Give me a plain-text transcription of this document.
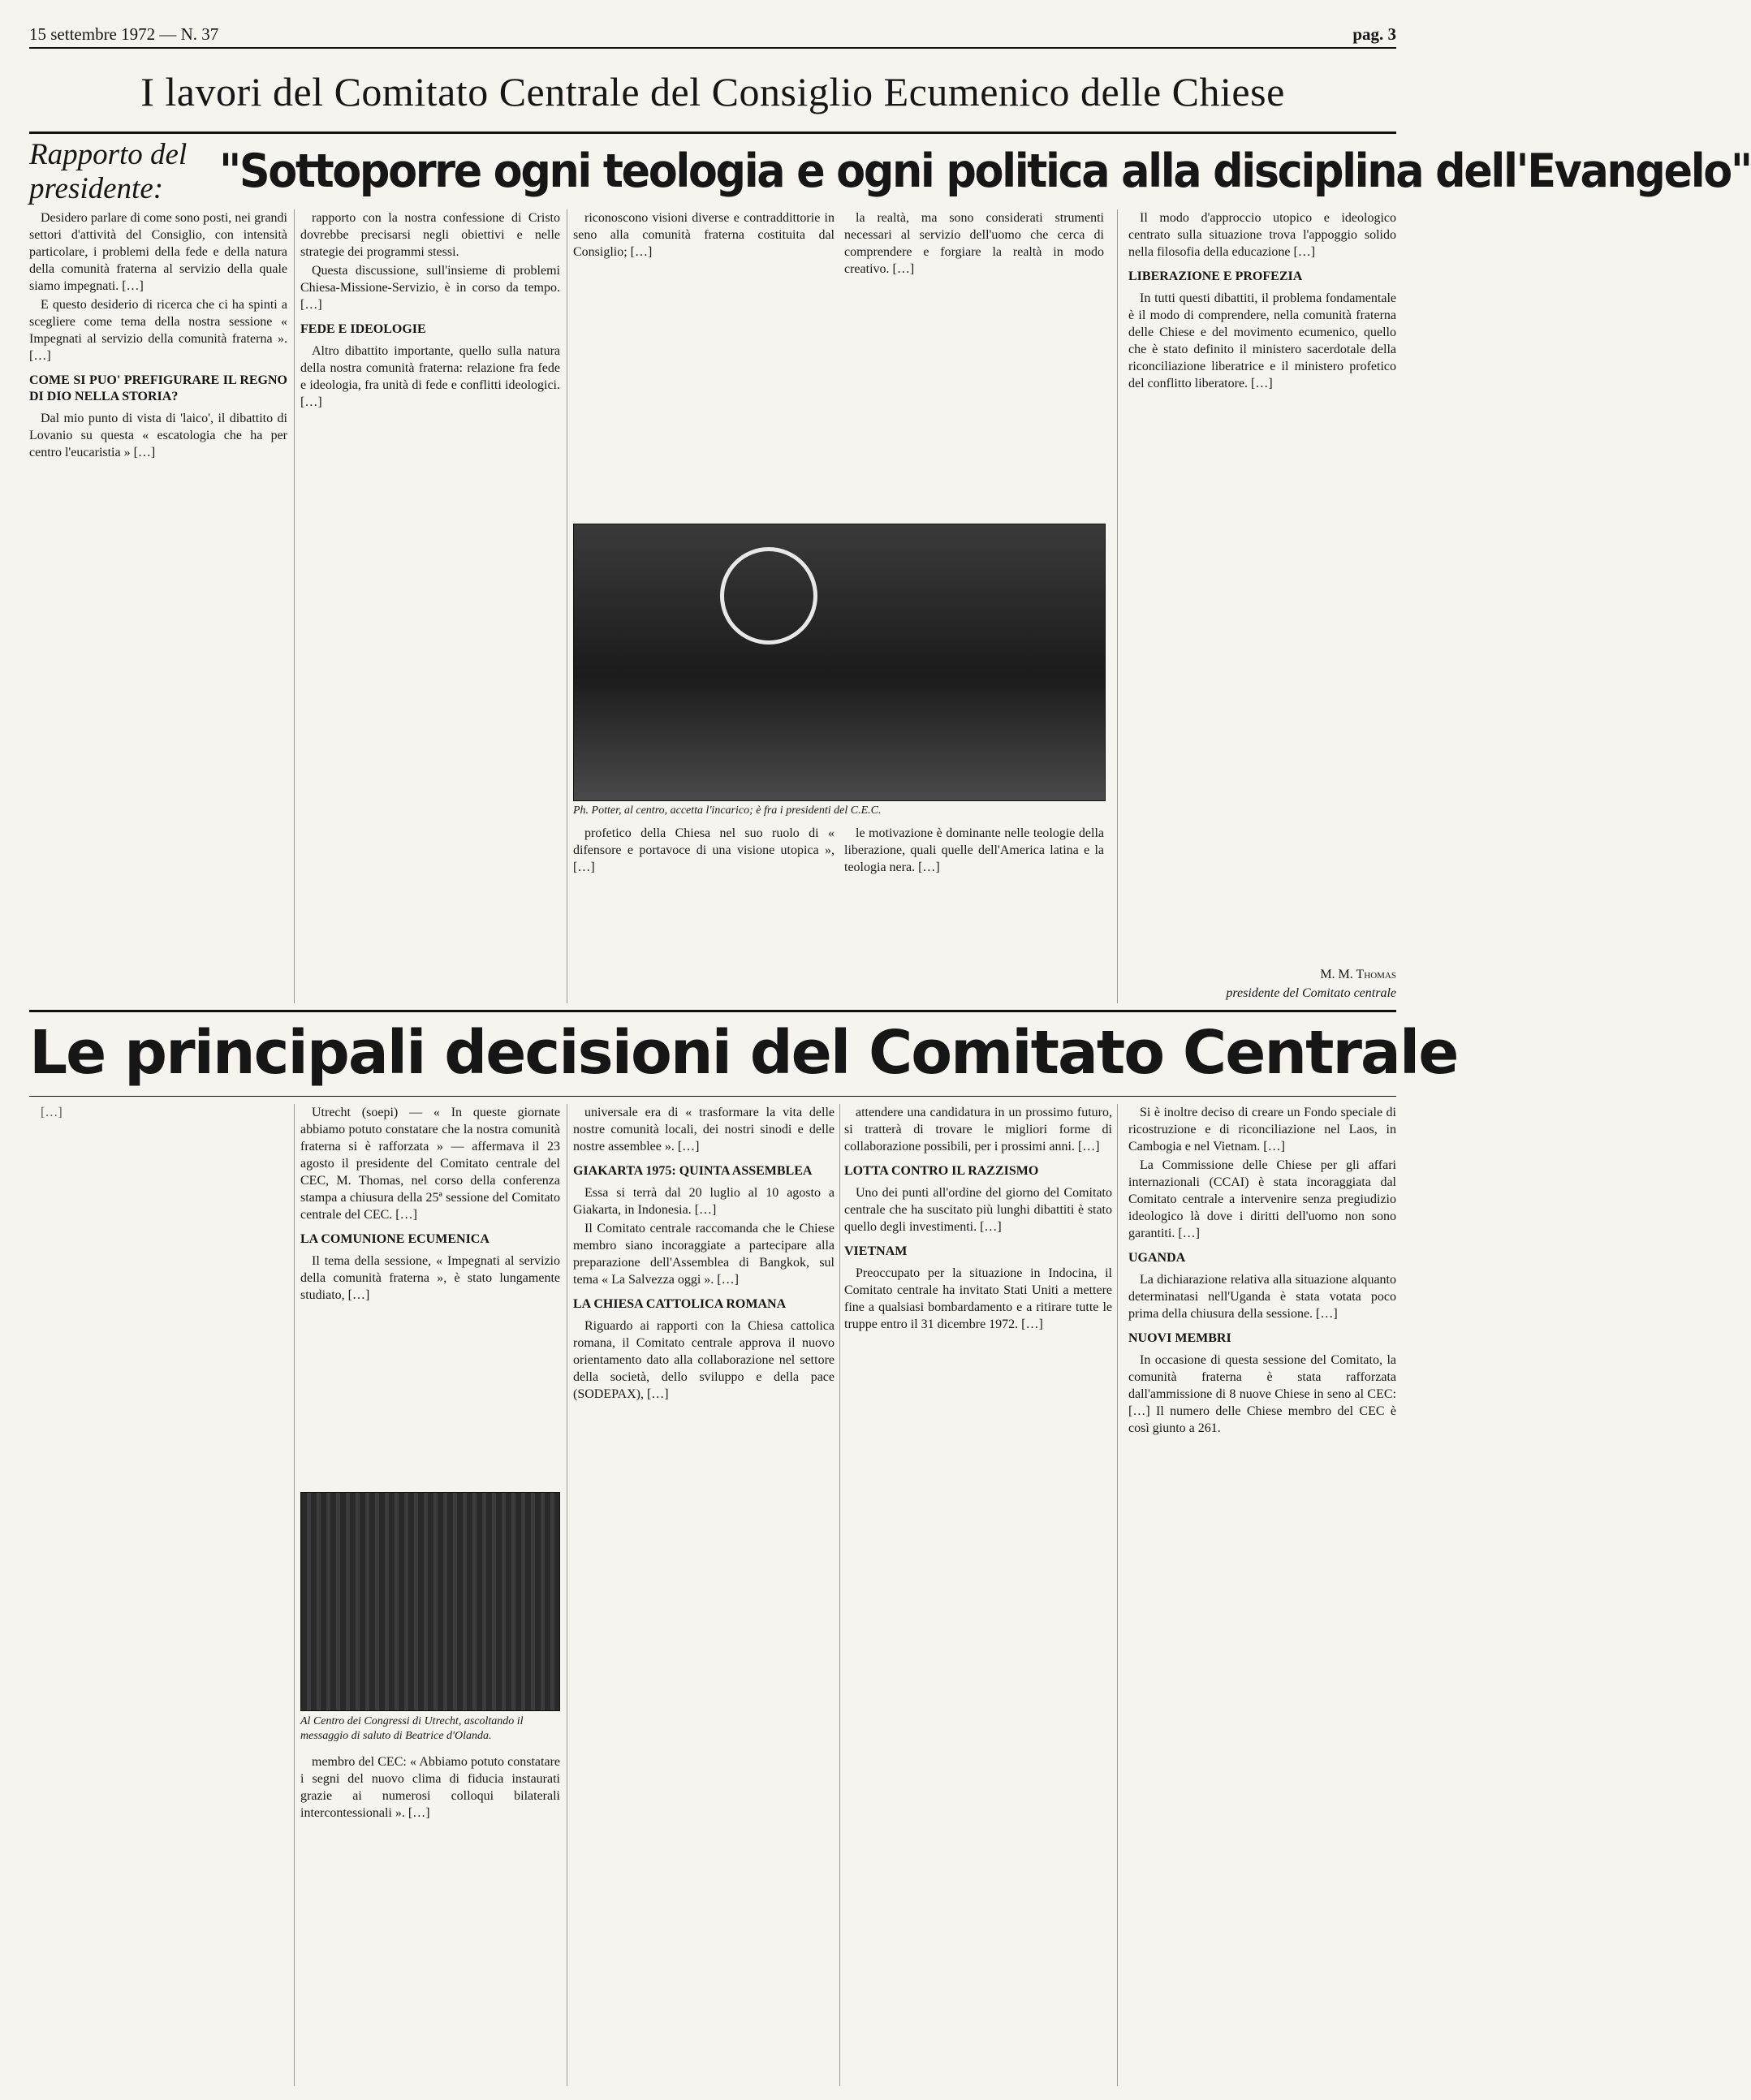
15 settembre 1972 — N. 37	pag. 3
I lavori del Comitato Centrale del Consiglio Ecumenico delle Chiese
Rapporto del presidente:	"Sottoporre ogni teologia e ogni politica alla disciplina dell'Evangelo"

Desidero parlare di come sono posti, nei grandi settori d'attività del Consiglio, con intensità particolare, i problemi della fede e della natura della comunità fraterna al servizio della quale siamo impegnati. […]

E questo desiderio di ricerca che ci ha spinti a scegliere come tema della nostra sessione « Impegnati al servizio della comunità fraterna ». […]

COME SI PUO' PREFIGURARE IL REGNO DI DIO NELLA STORIA?

Dal mio punto di vista di 'laico', il dibattito di Lovanio su questa « escatologia che ha per centro l'eucaristia » […]

rapporto con la nostra confessione di Cristo dovrebbe precisarsi negli obiettivi e nelle strategie dei programmi stessi.

Questa discussione, sull'insieme di problemi Chiesa-Missione-Servizio, è in corso da tempo. […]

FEDE E IDEOLOGIE

Altro dibattito importante, quello sulla natura della nostra comunità fraterna: relazione fra fede e ideologia, fra unità di fede e conflitti ideologici. […]

riconoscono visioni diverse e contraddittorie in seno alla comunità fraterna costituita dal Consiglio; […]

la realtà, ma sono considerati strumenti necessari al servizio dell'uomo che cerca di comprendere e forgiare la realtà in modo creativo. […]

Ph. Potter, al centro, accetta l'incarico; è fra i presidenti del C.E.C.

profetico della Chiesa nel suo ruolo di « difensore e portavoce di una visione utopica », […]

le motivazione è dominante nelle teologie della liberazione, quali quelle dell'America latina e la teologia nera. […]

Il modo d'approccio utopico e ideologico centrato sulla situazione trova l'appoggio solido nella filosofia della educazione […]

LIBERAZIONE E PROFEZIA

In tutti questi dibattiti, il problema fondamentale è il modo di comprendere, nella comunità fraterna delle Chiese e del movimento ecumenico, quello che è stato definito il ministero sacerdotale della riconciliazione liberatrice e il ministero profetico del conflitto liberatore. […]

M. M. Thomas

presidente del Comitato centrale

Le principali decisioni del Comitato Centrale

[…]	Utrecht (soepi) — « In queste giornate abbiamo potuto constatare che la nostra comunità fraterna si è rafforzata » — affermava il 23 agosto il presidente del Comitato centrale del CEC, M. Thomas, nel corso della conferenza stampa a chiusura della 25ª sessione del Comitato centrale del CEC. […]

LA COMUNIONE ECUMENICA

Il tema della sessione, « Impegnati al servizio della comunità fraterna », è stato lungamente studiato, […]

Al Centro dei Congressi di Utrecht, ascoltando il messaggio di saluto di Beatrice d'Olanda.

membro del CEC: « Abbiamo potuto constatare i segni del nuovo clima di fiducia instaurati grazie ai numerosi colloqui bilaterali intercontessionali ». […]

universale era di « trasformare la vita delle nostre comunità locali, dei nostri sinodi e delle nostre assemblee ». […]

GIAKARTA 1975: QUINTA ASSEMBLEA

Essa si terrà dal 20 luglio al 10 agosto a Giakarta, in Indonesia. […]

Il Comitato centrale raccomanda che le Chiese membro siano incoraggiate a partecipare alla preparazione dell'Assemblea di Bangkok, sul tema « La Salvezza oggi ». […]

LA CHIESA CATTOLICA ROMANA

Riguardo ai rapporti con la Chiesa cattolica romana, il Comitato centrale approva il nuovo orientamento dato alla collaborazione nel settore della società, dello sviluppo e della pace (SODEPAX), […]

attendere una candidatura in un prossimo futuro, si tratterà di trovare le migliori forme di collaborazione possibili, per i prossimi anni. […]

LOTTA CONTRO IL RAZZISMO

Uno dei punti all'ordine del giorno del Comitato centrale che ha suscitato più lunghi dibattiti è stato quello degli investimenti. […]

VIETNAM

Preoccupato per la situazione in Indocina, il Comitato centrale ha invitato Stati Uniti a mettere fine a qualsiasi bombardamento e a ritirare tutte le truppe entro il 31 dicembre 1972. […]

Si è inoltre deciso di creare un Fondo speciale di ricostruzione e di riconciliazione nel Laos, in Cambogia e nel Vietnam. […]

La Commissione delle Chiese per gli affari internazionali (CCAI) è stata incoraggiata dal Comitato centrale a intervenire senza pregiudizio ideologico là dove i diritti dell'uomo non sono garantiti. […]

UGANDA

La dichiarazione relativa alla situazione alquanto determinatasi nell'Uganda è stata votata poco prima della chiusura della sessione. […]

NUOVI MEMBRI

In occasione di questa sessione del Comitato, la comunità fraterna è stata rafforzata dall'ammissione di 8 nuove Chiese in seno al CEC: […] Il numero delle Chiese membro del CEC è così giunto a 261.
